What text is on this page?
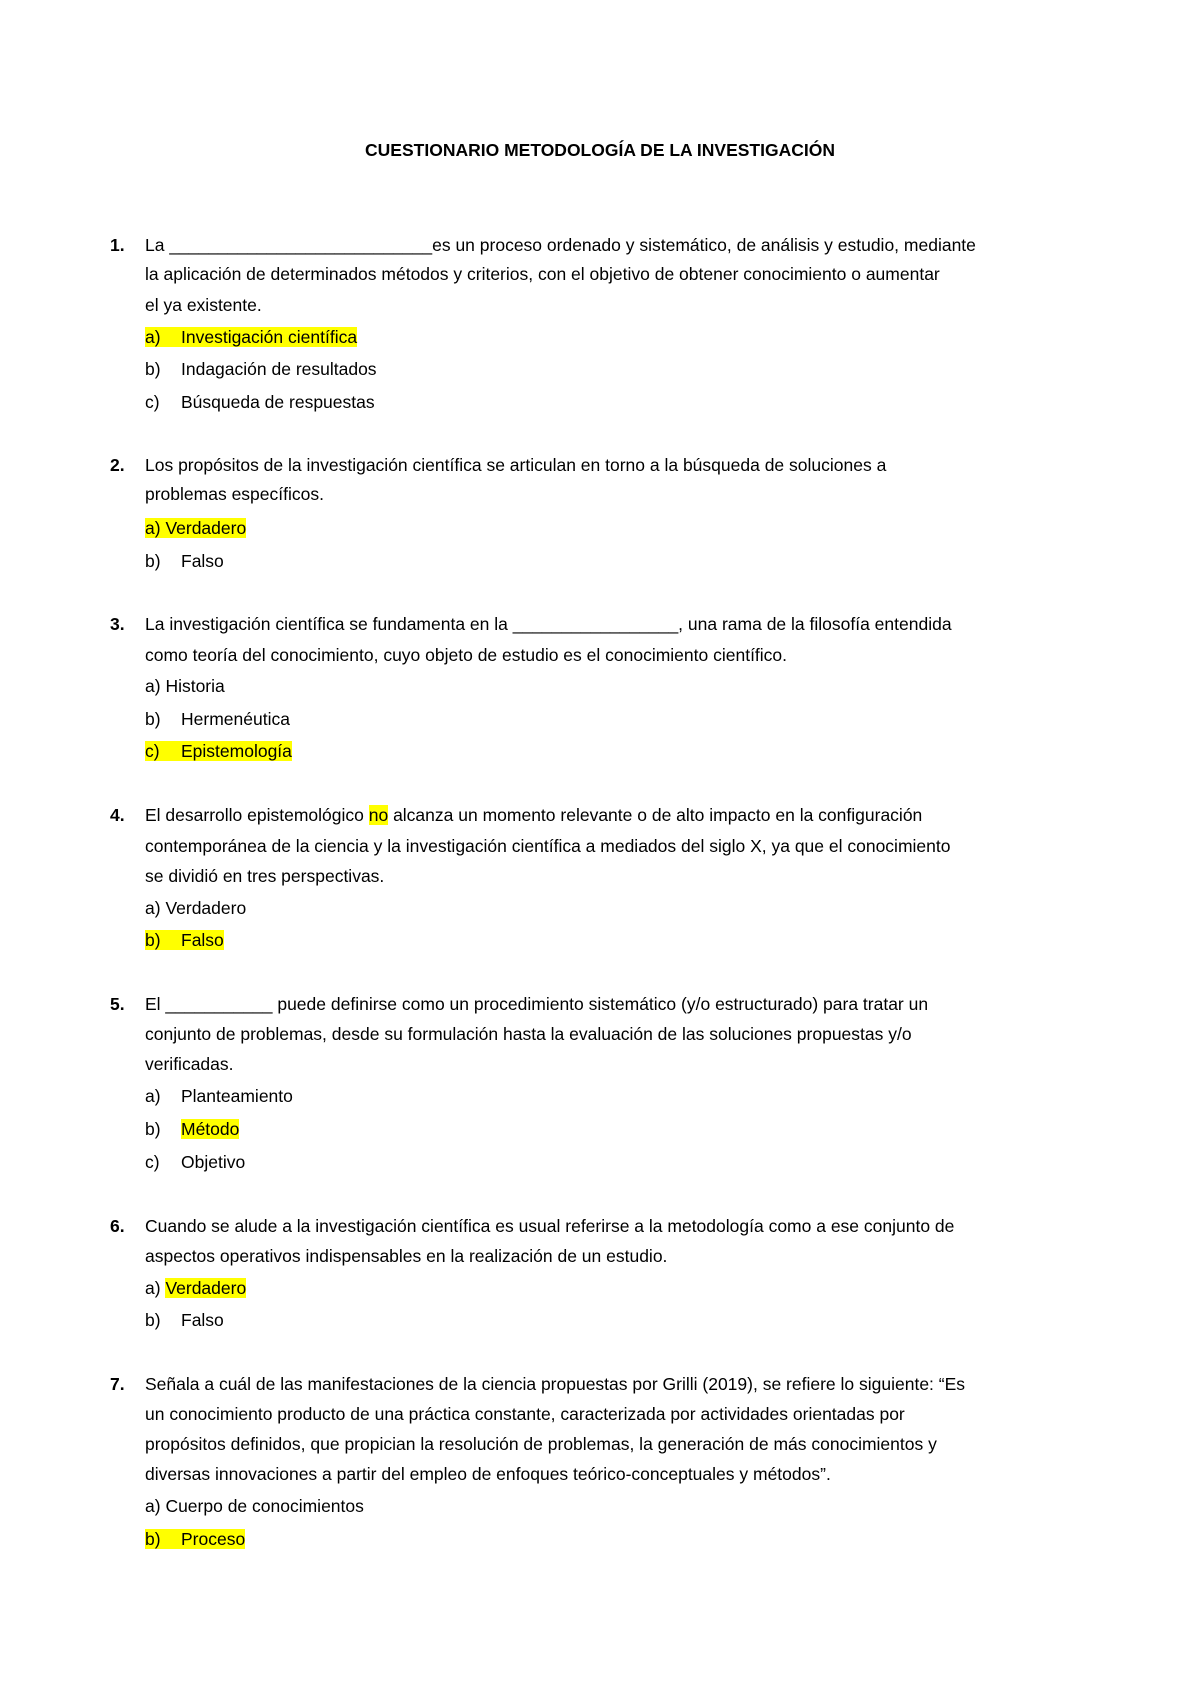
CUESTIONARIO METODOLOGÍA DE LA INVESTIGACIÓN
1. La ___________________________es un proceso ordenado y sistemático, de análisis y estudio, mediante
la aplicación de determinados métodos y criterios, con el objetivo de obtener conocimiento o aumentar
el ya existente.
a) Investigación científica
b) Indagación de resultados
c) Búsqueda de respuestas
2. Los propósitos de la investigación científica se articulan en torno a la búsqueda de soluciones a
problemas específicos.
a) Verdadero
b) Falso
3. La investigación científica se fundamenta en la _________________, una rama de la filosofía entendida
como teoría del conocimiento, cuyo objeto de estudio es el conocimiento científico.
a) Historia
b) Hermenéutica
c) Epistemología
4. El desarrollo epistemológico no alcanza un momento relevante o de alto impacto en la configuración
contemporánea de la ciencia y la investigación científica a mediados del siglo X, ya que el conocimiento
se dividió en tres perspectivas.
a) Verdadero
b) Falso
5. El ___________ puede definirse como un procedimiento sistemático (y/o estructurado) para tratar un
conjunto de problemas, desde su formulación hasta la evaluación de las soluciones propuestas y/o
verificadas.
a) Planteamiento
b) Método
c) Objetivo
6. Cuando se alude a la investigación científica es usual referirse a la metodología como a ese conjunto de
aspectos operativos indispensables en la realización de un estudio.
a) Verdadero
b) Falso
7. Señala a cuál de las manifestaciones de la ciencia propuestas por Grilli (2019), se refiere lo siguiente: “Es
un conocimiento producto de una práctica constante, caracterizada por actividades orientadas por
propósitos definidos, que propician la resolución de problemas, la generación de más conocimientos y
diversas innovaciones a partir del empleo de enfoques teórico-conceptuales y métodos”.
a) Cuerpo de conocimientos
b) Proceso
